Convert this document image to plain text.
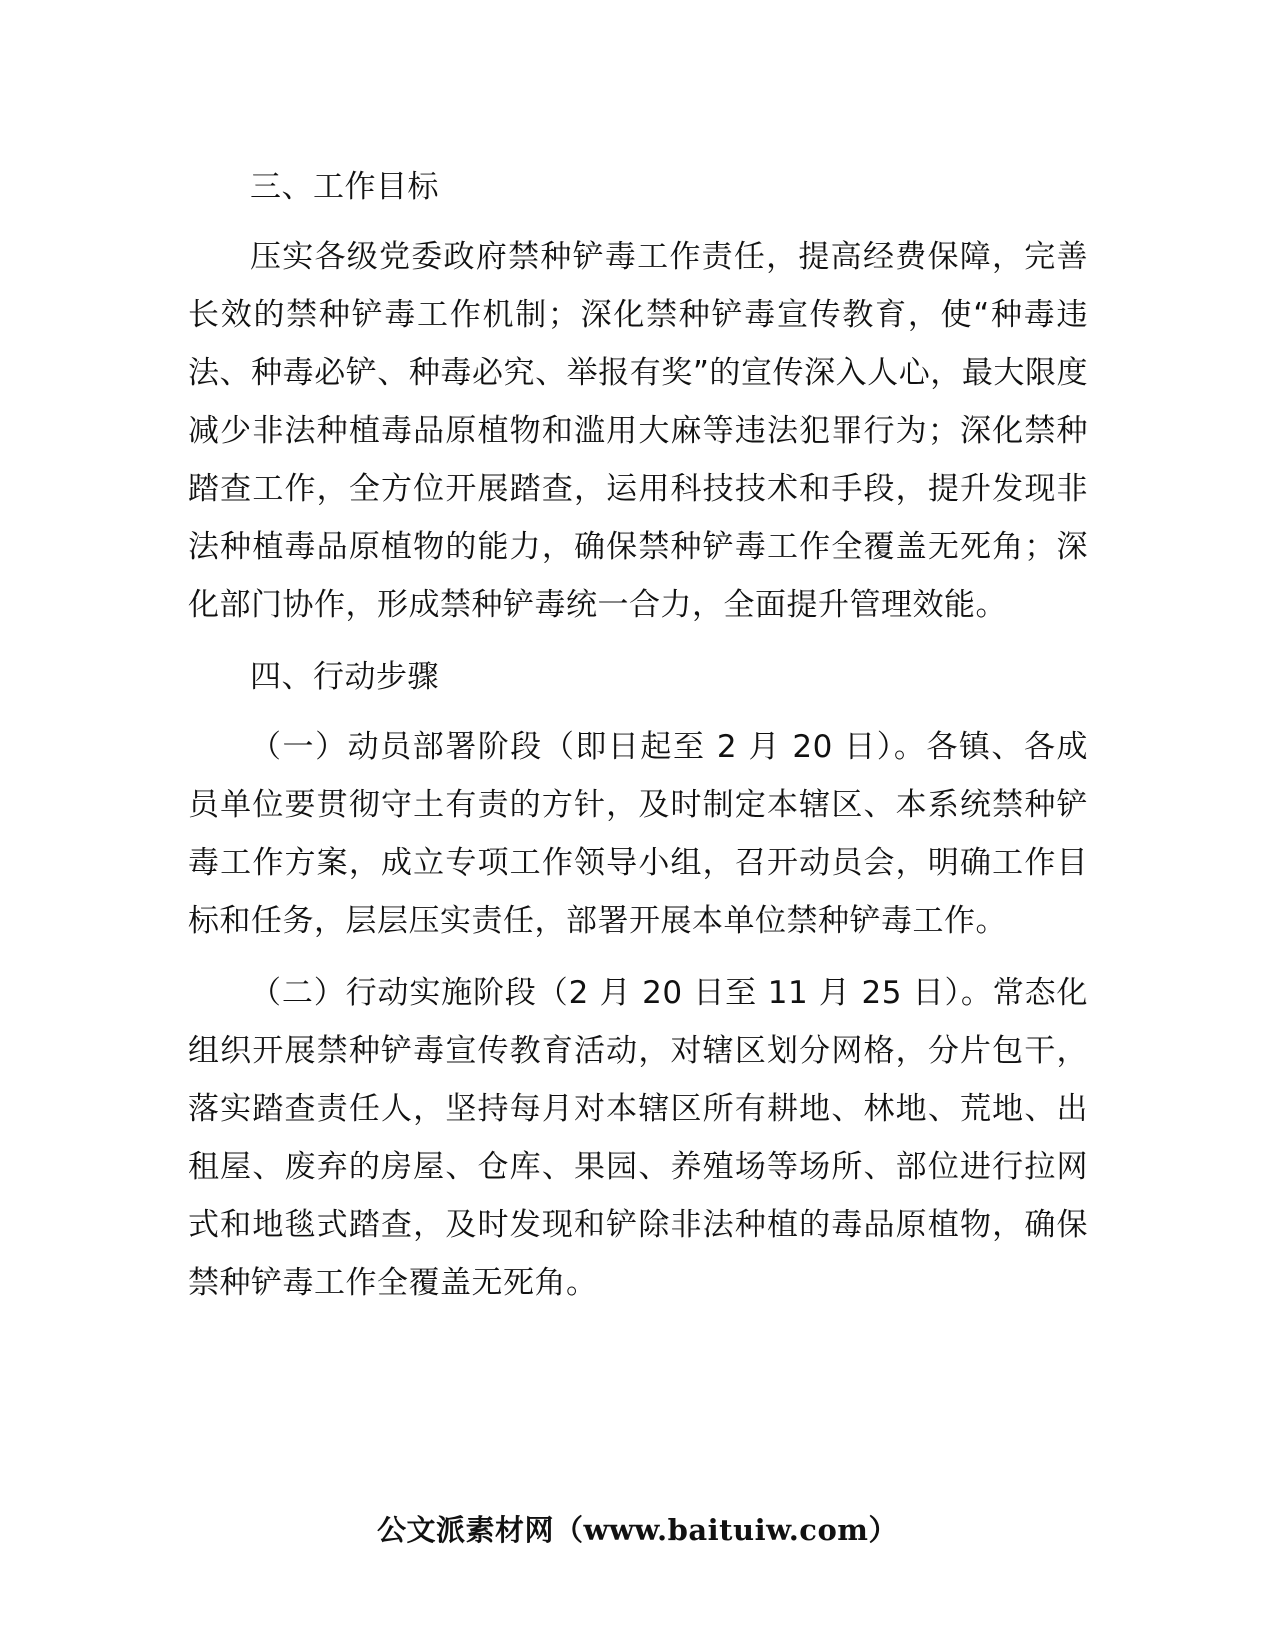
三、工作目标

压实各级党委政府禁种铲毒工作责任，提高经费保障，完善长效的禁种铲毒工作机制；深化禁种铲毒宣传教育，使“种毒违法、种毒必铲、种毒必究、举报有奖”的宣传深入人心，最大限度减少非法种植毒品原植物和滥用大麻等违法犯罪行为；深化禁种踏查工作，全方位开展踏查，运用科技技术和手段，提升发现非法种植毒品原植物的能力，确保禁种铲毒工作全覆盖无死角；深化部门协作，形成禁种铲毒统一合力，全面提升管理效能。

四、行动步骤

（一）动员部署阶段（即日起至 2 月 20 日）。各镇、各成员单位要贯彻守土有责的方针，及时制定本辖区、本系统禁种铲毒工作方案，成立专项工作领导小组，召开动员会，明确工作目标和任务，层层压实责任，部署开展本单位禁种铲毒工作。

（二）行动实施阶段（2 月 20 日至 11 月 25 日）。常态化组织开展禁种铲毒宣传教育活动，对辖区划分网格，分片包干，落实踏查责任人，坚持每月对本辖区所有耕地、林地、荒地、出租屋、废弃的房屋、仓库、果园、养殖场等场所、部位进行拉网式和地毯式踏查，及时发现和铲除非法种植的毒品原植物，确保禁种铲毒工作全覆盖无死角。

公文派素材网（www.baituiw.com）
